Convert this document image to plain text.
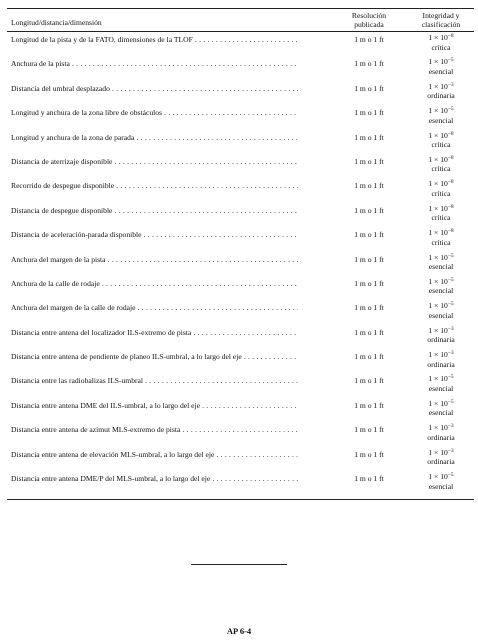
Longitud/distancia/dimensión
Resolución publicada
Integridad y clasificación
Longitud de la pista y de la FATO, dimensiones de la TLOF . . .	1 m o 1 ft	$1 \times 10^{-8}$
crítica
Anchura de la pista . . .	1 m o 1 ft	$1 \times 10^{-5}$
esencial
Distancia del umbral desplazado . . .	1 m o 1 ft	$1 \times 10^{-3}$
ordinaria
Longitud y anchura de la zona libre de obstáculos . . .	1 m o 1 ft	$1 \times 10^{-5}$
esencial
Longitud y anchura de la zona de parada . . .	1 m o 1 ft	$1 \times 10^{-8}$
crítica
Distancia de aterrizaje disponible . . .	1 m o 1 ft	$1 \times 10^{-8}$
crítica
Recorrido de despegue disponible . . .	1 m o 1 ft	$1 \times 10^{-8}$
crítica
Distancia de despegue disponible . . .	1 m o 1 ft	$1 \times 10^{-8}$
crítica
Distancia de aceleración-parada disponible . . .	1 m o 1 ft	$1 \times 10^{-8}$
crítica
Anchura del margen de la pista . . .	1 m o 1 ft	$1 \times 10^{-5}$
esencial
Anchura de la calle de rodaje . . .	1 m o 1 ft	$1 \times 10^{-5}$
esencial
Anchura del margen de la calle de rodaje . . .	1 m o 1 ft	$1 \times 10^{-5}$
esencial
Distancia entre antena del localizador ILS-extremo de pista . . .	1 m o 1 ft	$1 \times 10^{-3}$
ordinaria
Distancia entre antena de pendiente de planeo ILS-umbral, a lo largo del eje . . .	1 m o 1 ft	$1 \times 10^{-3}$
ordinaria
Distancia entre las radiobalizas ILS-umbral . . .	1 m o 1 ft	$1 \times 10^{-5}$
esencial
Distancia entre antena DME del ILS-umbral, a lo largo del eje . . .	1 m o 1 ft	$1 \times 10^{-5}$
esencial
Distancia entre antena de azimut MLS-extremo de pista . . .	1 m o 1 ft	$1 \times 10^{-3}$
ordinaria
Distancia entre antena de elevación MLS-umbral, a lo largo del eje . . .	1 m o 1 ft	$1 \times 10^{-3}$
ordinaria
Distancia entre antena DME/P del MLS-umbral, a lo largo del eje . . .	1 m o 1 ft	$1 \times 10^{-5}$
esencial
AP 6-4
